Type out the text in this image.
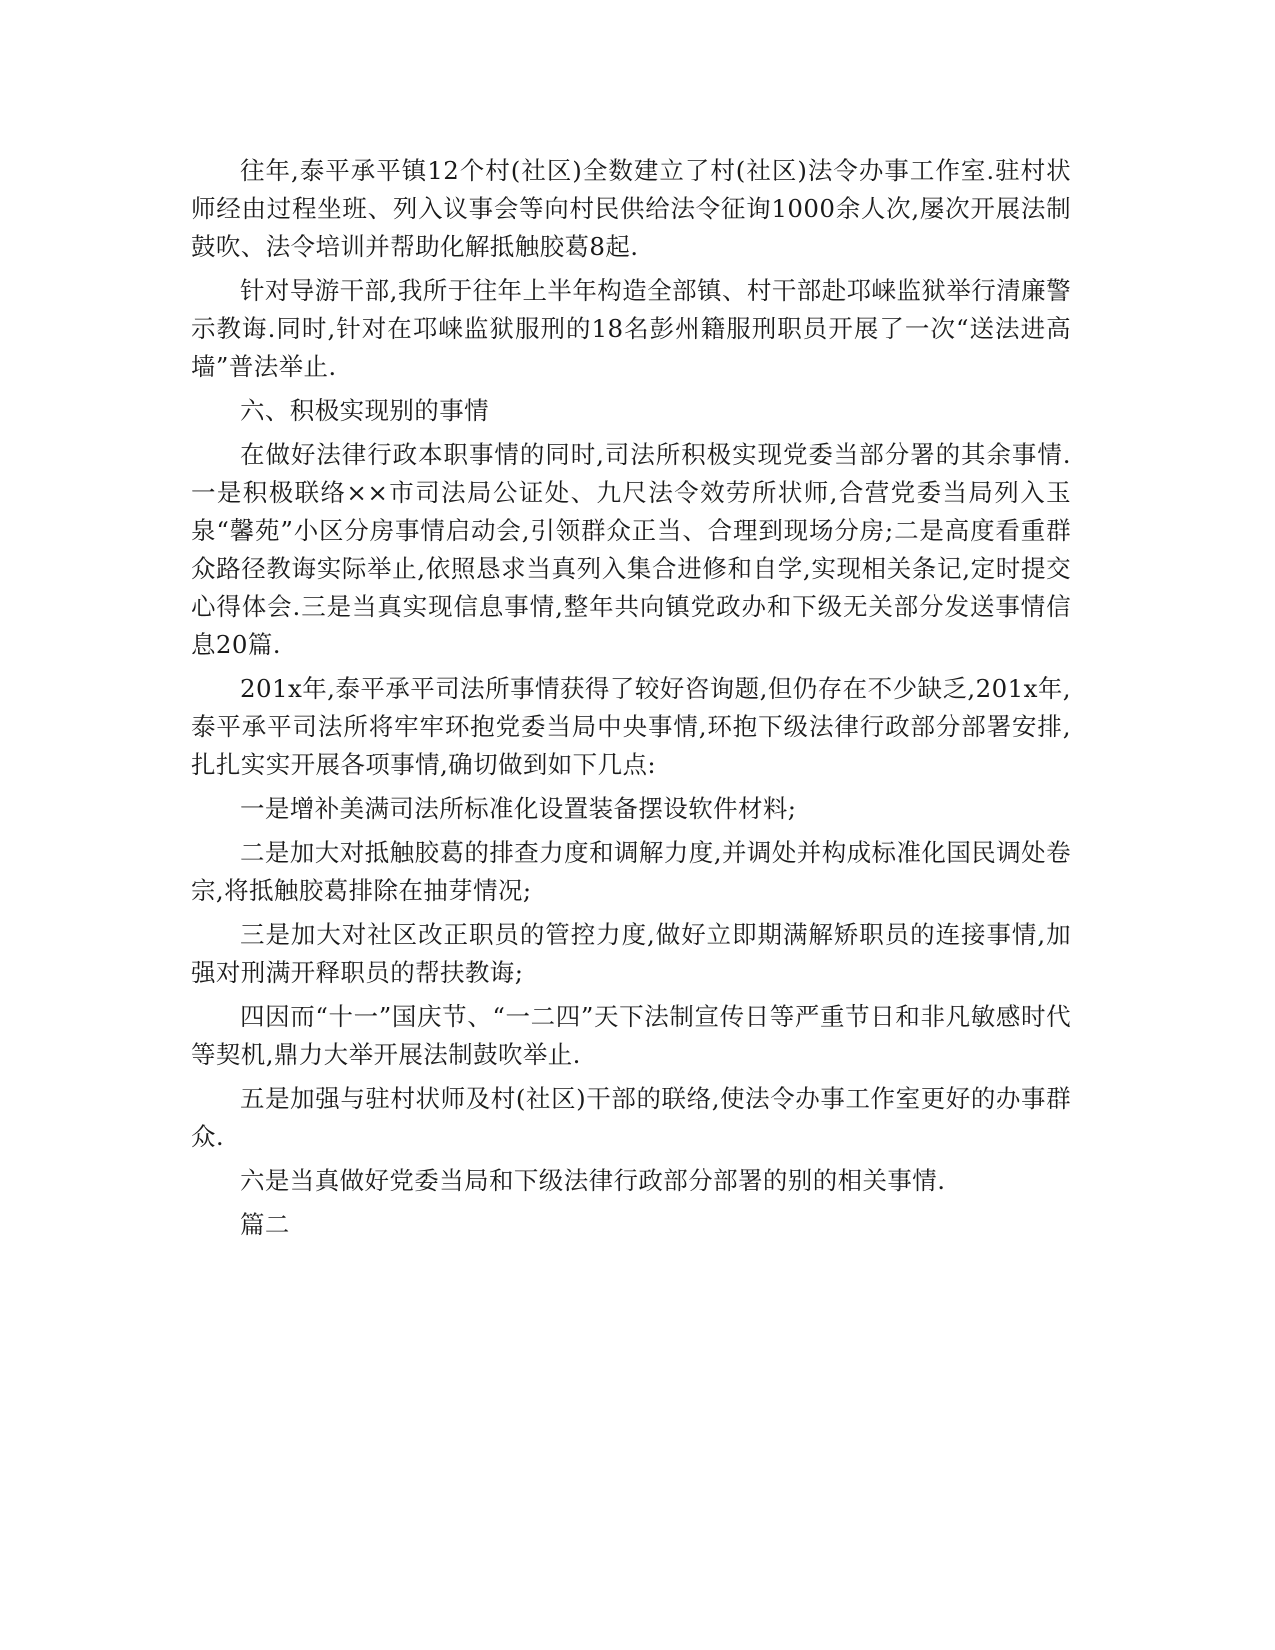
往年,泰平承平镇12个村(社区)全数建立了村(社区)法令办事工作室.驻村状师经由过程坐班、列入议事会等向村民供给法令征询1000余人次,屡次开展法制鼓吹、法令培训并帮助化解抵触胶葛8起.

针对导游干部,我所于往年上半年构造全部镇、村干部赴邛崃监狱举行清廉警示教诲.同时,针对在邛崃监狱服刑的18名彭州籍服刑职员开展了一次“送法进高墙”普法举止.

六、积极实现别的事情

在做好法律行政本职事情的同时,司法所积极实现党委当部分署的其余事情.一是积极联络××市司法局公证处、九尺法令效劳所状师,合营党委当局列入玉泉“馨苑”小区分房事情启动会,引领群众正当、合理到现场分房;二是高度看重群众路径教诲实际举止,依照恳求当真列入集合进修和自学,实现相关条记,定时提交心得体会.三是当真实现信息事情,整年共向镇党政办和下级无关部分发送事情信息20篇.

201x年,泰平承平司法所事情获得了较好咨询题,但仍存在不少缺乏,201x年,泰平承平司法所将牢牢环抱党委当局中央事情,环抱下级法律行政部分部署安排,扎扎实实开展各项事情,确切做到如下几点:

一是增补美满司法所标准化设置装备摆设软件材料;

二是加大对抵触胶葛的排查力度和调解力度,并调处并构成标准化国民调处卷宗,将抵触胶葛排除在抽芽情况;

三是加大对社区改正职员的管控力度,做好立即期满解矫职员的连接事情,加强对刑满开释职员的帮扶教诲;

四因而“十一”国庆节、“一二四”天下法制宣传日等严重节日和非凡敏感时代等契机,鼎力大举开展法制鼓吹举止.

五是加强与驻村状师及村(社区)干部的联络,使法令办事工作室更好的办事群众.

六是当真做好党委当局和下级法律行政部分部署的别的相关事情.

篇二
